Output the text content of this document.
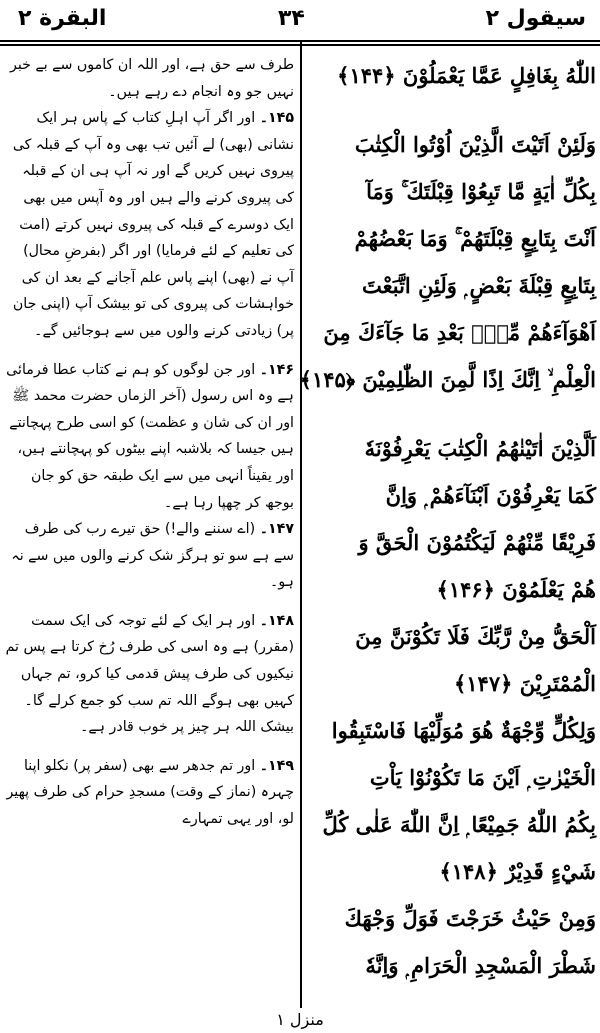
البقرة ۲	۳۴	سیقول ۲

طرف سے حق ہے، اور اللہ ان کاموں سے بے خبر نہیں جو وہ انجام دے رہے ہیں۔

۱۴۵۔ اور اگر آپ اہلِ کتاب کے پاس ہر ایک نشانی (بھی) لے آئیں تب بھی وہ آپ کے قبلہ کی پیروی نہیں کریں گے اور نہ آپ ہی ان کے قبلہ کی پیروی کرنے والے ہیں اور وہ آپس میں بھی ایک دوسرے کے قبلہ کی پیروی نہیں کرتے (امت کی تعلیم کے لئے فرمایا) اور اگر (بفرضِ محال) آپ نے (بھی) اپنے پاس علم آجانے کے بعد ان کی خواہشات کی پیروی کی تو بیشک آپ (اپنی جان پر) زیادتی کرنے والوں میں سے ہوجائیں گے۔

۱۴۶۔ اور جن لوگوں کو ہم نے کتاب عطا فرمائی ہے وہ اس رسول (آخر الزماں حضرت محمد ﷺ اور ان کی شان و عظمت) کو اسی طرح پہچانتے ہیں جیسا کہ بلاشبہ اپنے بیٹوں کو پہچانتے ہیں، اور یقیناً انہی میں سے ایک طبقہ حق کو جان بوجھ کر چھپا رہا ہے۔

۱۴۷۔ (اے سننے والے!) حق تیرے رب کی طرف سے ہے سو تو ہرگز شک کرنے والوں میں سے نہ ہو۔

۱۴۸۔ اور ہر ایک کے لئے توجہ کی ایک سمت (مقرر) ہے وہ اسی کی طرف رُخ کرتا ہے پس تم نیکیوں کی طرف پیش قدمی کیا کرو، تم جہاں کہیں بھی ہوگے اللہ تم سب کو جمع کرلے گا۔ بیشک اللہ ہر چیز پر خوب قادر ہے۔

۱۴۹۔ اور تم جدھر سے بھی (سفر پر) نکلو اپنا چہرہ (نماز کے وقت) مسجدِ حرام کی طرف پھیر لو، اور یہی تمہارے

اللّٰهُ بِغَافِلٍ عَمَّا يَعْمَلُوْنَ ﴿۱۴۴﴾
وَلَئِنْ اَتَيْتَ الَّذِيْنَ اُوْتُوا الْكِتٰبَ
بِكُلِّ اٰيَةٍ مَّا تَبِعُوْا قِبْلَتَكَ ۚ وَمَآ
اَنْتَ بِتَابِعٍ قِبْلَتَهُمْ ۚ وَمَا بَعْضُهُمْ
بِتَابِعٍ قِبْلَةَ بَعْضٍ ۭ وَلَئِنِ اتَّبَعْتَ
اَهْوَآءَهُمْ مِّنْۢ بَعْدِ مَا جَآءَكَ مِنَ
الْعِلْمِ ۙ اِنَّكَ اِذًا لَّمِنَ الظّٰلِمِيْنَ ﴿۱۴۵﴾
اَلَّذِيْنَ اٰتَيْنٰهُمُ الْكِتٰبَ يَعْرِفُوْنَهٗ
كَمَا يَعْرِفُوْنَ اَبْنَآءَهُمْ ۭ وَاِنَّ
فَرِيْقًا مِّنْهُمْ لَيَكْتُمُوْنَ الْحَقَّ وَ
هُمْ يَعْلَمُوْنَ ﴿۱۴۶﴾
اَلْحَقُّ مِنْ رَّبِّكَ فَلَا تَكُوْنَنَّ مِنَ
الْمُمْتَرِيْنَ ﴿۱۴۷﴾
وَلِكُلٍّ وِّجْهَةٌ هُوَ مُوَلِّيْهَا فَاسْتَبِقُوا
الْخَيْرٰتِ ۭ اَيْنَ مَا تَكُوْنُوْا يَاْتِ
بِكُمُ اللّٰهُ جَمِيْعًا ۭ اِنَّ اللّٰهَ عَلٰى كُلِّ
شَيْءٍ قَدِيْرٌ ﴿۱۴۸﴾
وَمِنْ حَيْثُ خَرَجْتَ فَوَلِّ وَجْهَكَ
شَطْرَ الْمَسْجِدِ الْحَرَامِ ۭ وَاِنَّهٗ
منزل ۱
